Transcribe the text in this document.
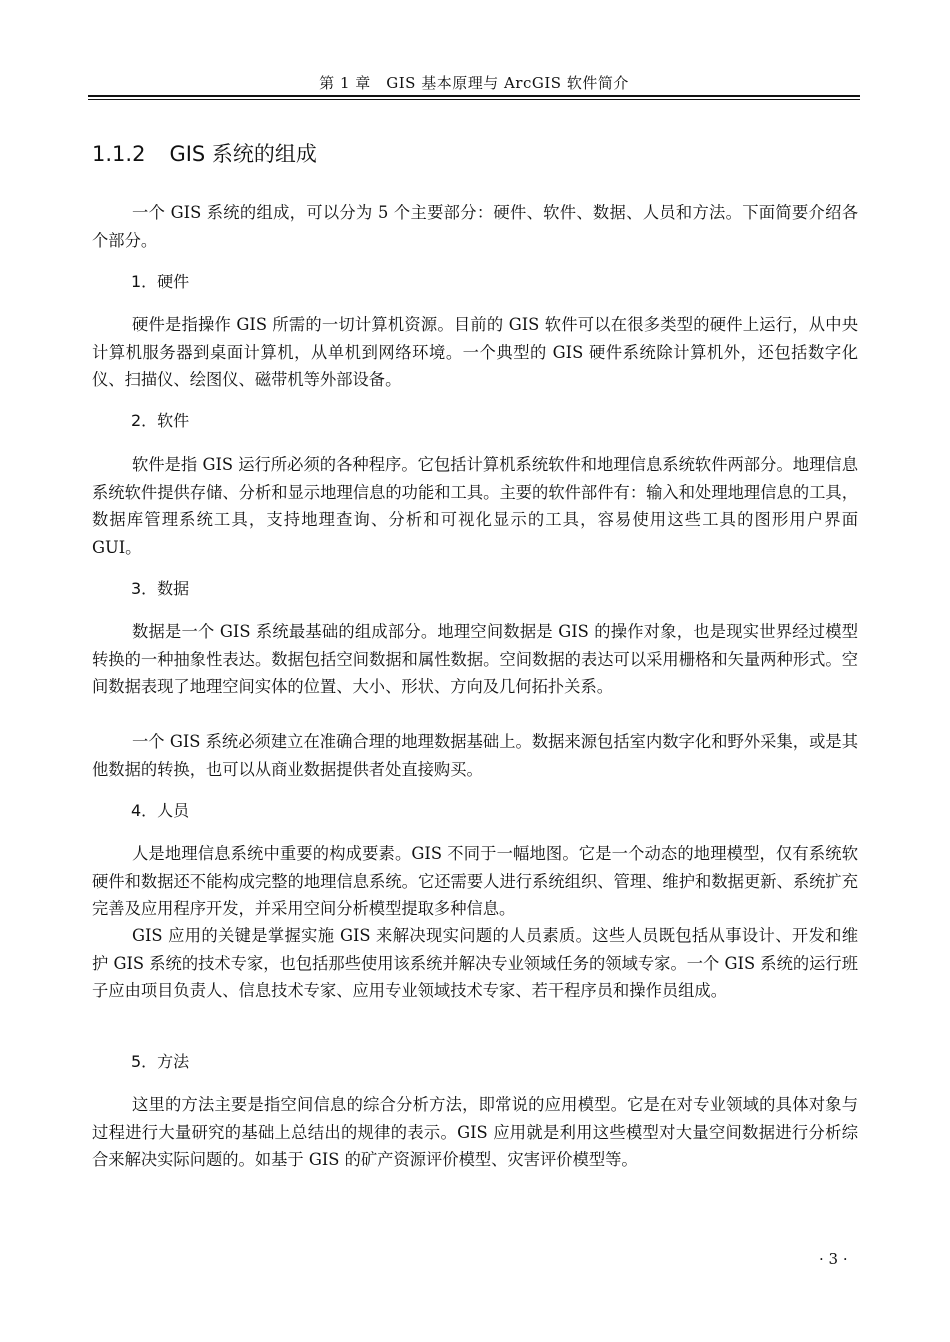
第 1 章　GIS 基本原理与 ArcGIS 软件简介
1.1.2 GIS 系统的组成

一个 GIS 系统的组成，可以分为 5 个主要部分：硬件、软件、数据、人员和方法。下面简要介绍各个部分。

1．硬件

硬件是指操作 GIS 所需的一切计算机资源。目前的 GIS 软件可以在很多类型的硬件上运行，从中央计算机服务器到桌面计算机，从单机到网络环境。一个典型的 GIS 硬件系统除计算机外，还包括数字化仪、扫描仪、绘图仪、磁带机等外部设备。

2．软件

软件是指 GIS 运行所必须的各种程序。它包括计算机系统软件和地理信息系统软件两部分。地理信息系统软件提供存储、分析和显示地理信息的功能和工具。主要的软件部件有：输入和处理地理信息的工具，数据库管理系统工具，支持地理查询、分析和可视化显示的工具，容易使用这些工具的图形用户界面 GUI。

3．数据

数据是一个 GIS 系统最基础的组成部分。地理空间数据是 GIS 的操作对象，也是现实世界经过模型转换的一种抽象性表达。数据包括空间数据和属性数据。空间数据的表达可以采用栅格和矢量两种形式。空间数据表现了地理空间实体的位置、大小、形状、方向及几何拓扑关系。

一个 GIS 系统必须建立在准确合理的地理数据基础上。数据来源包括室内数字化和野外采集，或是其他数据的转换，也可以从商业数据提供者处直接购买。

4．人员

人是地理信息系统中重要的构成要素。GIS 不同于一幅地图。它是一个动态的地理模型，仅有系统软硬件和数据还不能构成完整的地理信息系统。它还需要人进行系统组织、管理、维护和数据更新、系统扩充完善及应用程序开发，并采用空间分析模型提取多种信息。

GIS 应用的关键是掌握实施 GIS 来解决现实问题的人员素质。这些人员既包括从事设计、开发和维护 GIS 系统的技术专家，也包括那些使用该系统并解决专业领域任务的领域专家。一个 GIS 系统的运行班子应由项目负责人、信息技术专家、应用专业领域技术专家、若干程序员和操作员组成。

5．方法

这里的方法主要是指空间信息的综合分析方法，即常说的应用模型。它是在对专业领域的具体对象与过程进行大量研究的基础上总结出的规律的表示。GIS 应用就是利用这些模型对大量空间数据进行分析综合来解决实际问题的。如基于 GIS 的矿产资源评价模型、灾害评价模型等。

· 3 ·
